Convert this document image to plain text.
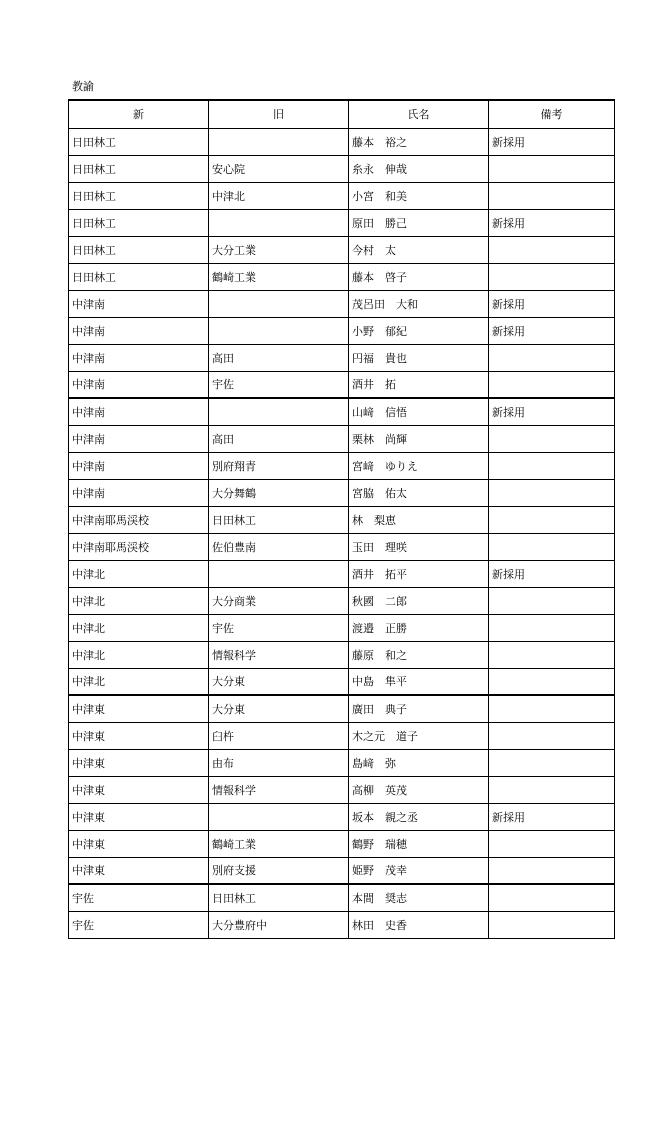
教諭
新	旧	氏名	備考
日田林工		藤本　裕之	新採用
日田林工	安心院	糸永　伸哉	
日田林工	中津北	小宮　和美	
日田林工		原田　勝己	新採用
日田林工	大分工業	今村　太	
日田林工	鶴崎工業	藤本　啓子	
中津南		茂呂田　大和	新採用
中津南		小野　郁紀	新採用
中津南	高田	円福　貴也	
中津南	宇佐	酒井　拓	
中津南		山﨑　信悟	新採用
中津南	高田	栗林　尚輝	
中津南	別府翔青	宮﨑　ゆりえ	
中津南	大分舞鶴	宮脇　佑太	
中津南耶馬渓校	日田林工	林　梨恵	
中津南耶馬渓校	佐伯豊南	玉田　理咲	
中津北		酒井　拓平	新採用
中津北	大分商業	秋國　二郎	
中津北	宇佐	渡邉　正勝	
中津北	情報科学	藤原　和之	
中津北	大分東	中島　隼平	
中津東	大分東	廣田　典子	
中津東	臼杵	木之元　道子	
中津東	由布	島﨑　弥	
中津東	情報科学	高柳　英茂	
中津東		坂本　親之丞	新採用
中津東	鶴崎工業	鶴野　瑞穂	
中津東	別府支援	姫野　茂幸	
宇佐	日田林工	本間　奨志	
宇佐	大分豊府中	林田　史香	
